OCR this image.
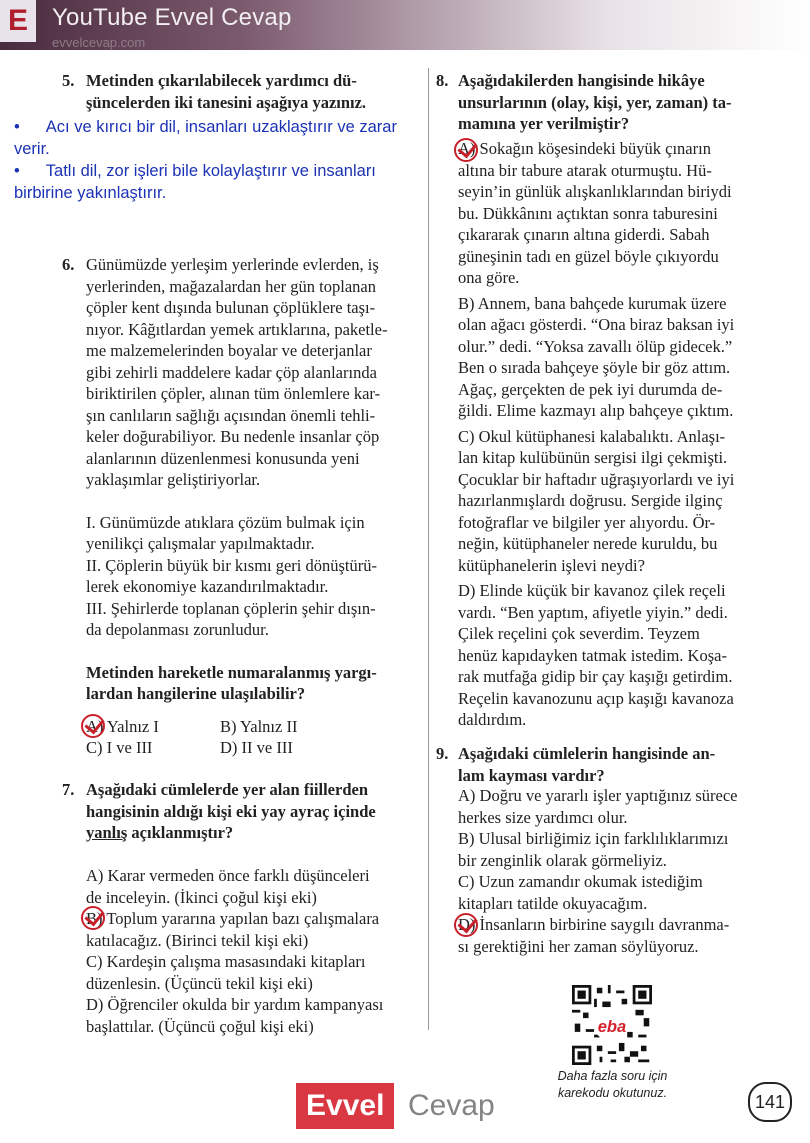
E	YouTube Evvel Cevap
evvelcevap.com
5. Metinden çıkarılabilecek yardımcı dü-
şüncelerden iki tanesini aşağıya yazınız.
• Acı ve kırıcı bir dil, insanları uzaklaştırır ve zarar
verir.
• Tatlı dil, zor işleri bile kolaylaştırır ve insanları
birbirine yakınlaştırır.
6. Günümüzde yerleşim yerlerinde evlerden, iş
yerlerinden, mağazalardan her gün toplanan
çöpler kent dışında bulunan çöplüklere taşı-
nıyor. Kâğıtlardan yemek artıklarına, paketle-
me malzemelerinden boyalar ve deterjanlar
gibi zehirli maddelere kadar çöp alanlarında
biriktirilen çöpler, alınan tüm önlemlere kar-
şın canlıların sağlığı açısından önemli tehli-
keler doğurabiliyor. Bu nedenle insanlar çöp
alanlarının düzenlenmesi konusunda yeni
yaklaşımlar geliştiriyorlar.
I. Günümüzde atıklara çözüm bulmak için
yenilikçi çalışmalar yapılmaktadır.
II. Çöplerin büyük bir kısmı geri dönüştürü-
lerek ekonomiye kazandırılmaktadır.
III. Şehirlerde toplanan çöplerin şehir dışın-
da depolanması zorunludur.
Metinden hareketle numaralanmış yargı-
lardan hangilerine ulaşılabilir?
A) Yalnız I	B) Yalnız II
C) I ve III	D) II ve III
7. Aşağıdaki cümlelerde yer alan fiillerden
hangisinin aldığı kişi eki yay ayraç içinde
yanlış açıklanmıştır?
A) Karar vermeden önce farklı düşünceleri
de inceleyin. (İkinci çoğul kişi eki)
B) Toplum yararına yapılan bazı çalışmalara
katılacağız. (Birinci tekil kişi eki)
C) Kardeşin çalışma masasındaki kitapları
düzenlesin. (Üçüncü tekil kişi eki)
D) Öğrenciler okulda bir yardım kampanyası
başlattılar. (Üçüncü çoğul kişi eki)
8. Aşağıdakilerden hangisinde hikâye
unsurlarının (olay, kişi, yer, zaman) ta-
mamına yer verilmiştir?
A) Sokağın köşesindeki büyük çınarın
altına bir tabure atarak oturmuştu. Hü-
seyin’in günlük alışkanlıklarından biriydi
bu. Dükkânını açtıktan sonra taburesini
çıkararak çınarın altına giderdi. Sabah
güneşinin tadı en güzel böyle çıkıyordu
ona göre.
B) Annem, bana bahçede kurumak üzere
olan ağacı gösterdi. “Ona biraz baksan iyi
olur.” dedi. “Yoksa zavallı ölüp gidecek.”
Ben o sırada bahçeye şöyle bir göz attım.
Ağaç, gerçekten de pek iyi durumda de-
ğildi. Elime kazmayı alıp bahçeye çıktım.
C) Okul kütüphanesi kalabalıktı. Anlaşı-
lan kitap kulübünün sergisi ilgi çekmişti.
Çocuklar bir haftadır uğraşıyorlardı ve iyi
hazırlanmışlardı doğrusu. Sergide ilginç
fotoğraflar ve bilgiler yer alıyordu. Ör-
neğin, kütüphaneler nerede kuruldu, bu
kütüphanelerin işlevi neydi?
D) Elinde küçük bir kavanoz çilek reçeli
vardı. “Ben yaptım, afiyetle yiyin.” dedi.
Çilek reçelini çok severdim. Teyzem
henüz kapıdayken tatmak istedim. Koşa-
rak mutfağa gidip bir çay kaşığı getirdim.
Reçelin kavanozunu açıp kaşığı kavanoza
daldırdım.
9. Aşağıdaki cümlelerin hangisinde an-
lam kayması vardır?
A) Doğru ve yararlı işler yaptığınız sürece
herkes size yardımcı olur.
B) Ulusal birliğimiz için farklılıklarımızı
bir zenginlik olarak görmeliyiz.
C) Uzun zamandır okumak istediğim
kitapları tatilde okuyacağım.
D) İnsanların birbirine saygılı davranma-
sı gerektiğini her zaman söylüyoruz.
eba
Daha fazla soru için
karekodu okutunuz.
Evvel Cevap	141
